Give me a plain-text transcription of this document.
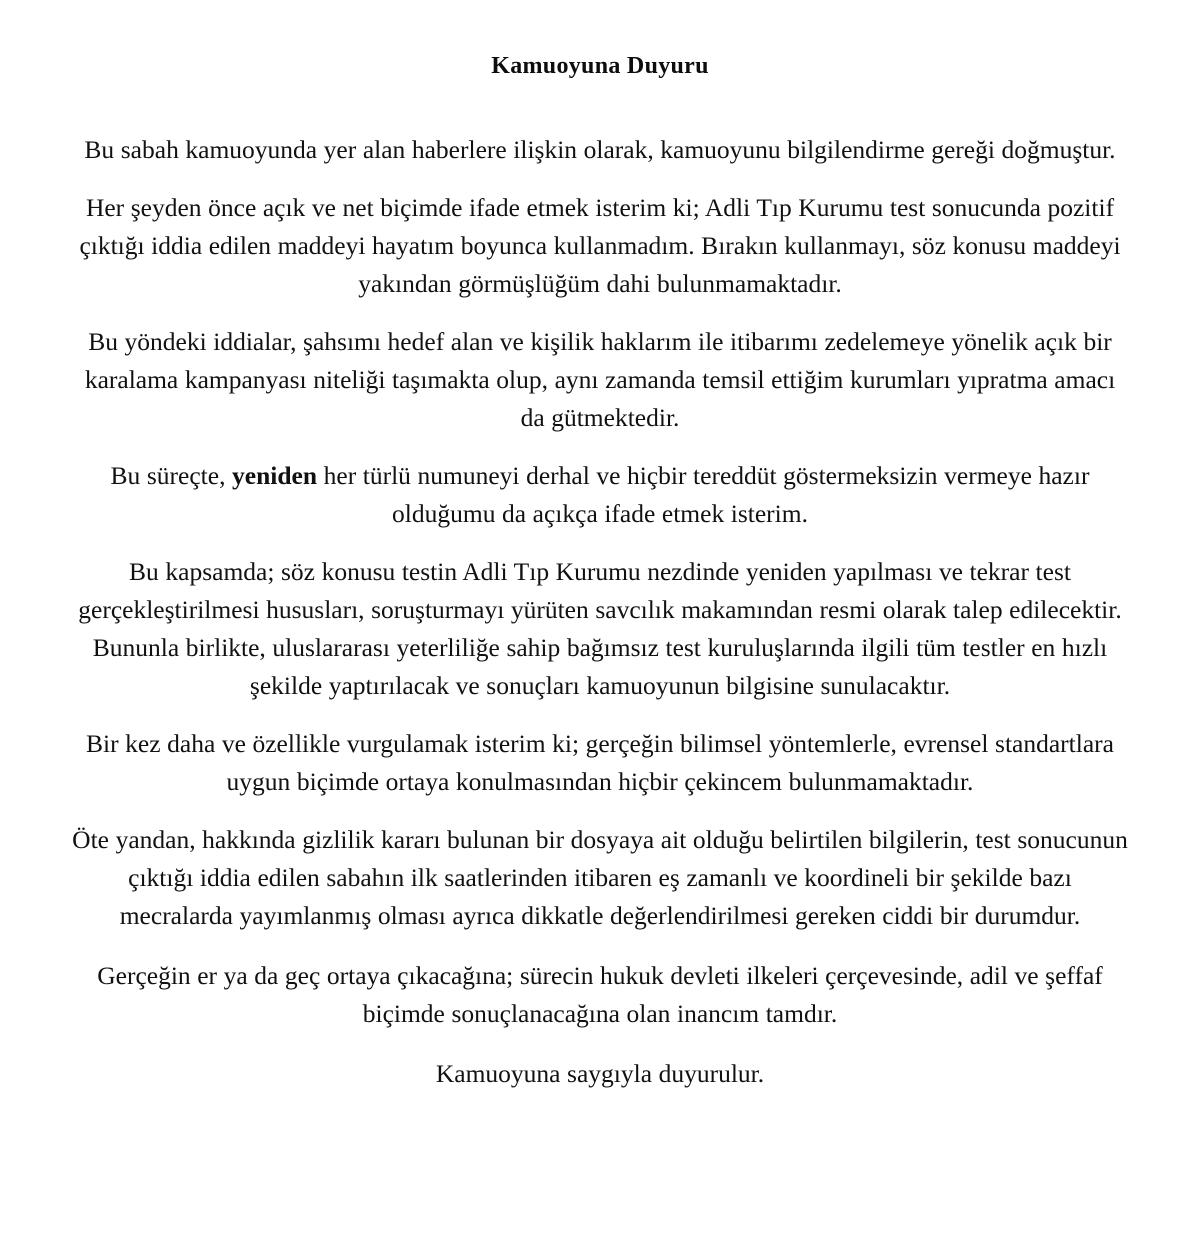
Kamuoyuna Duyuru

Bu sabah kamuoyunda yer alan haberlere ilişkin olarak, kamuoyunu bilgilendirme gereği doğmuştur.

Her şeyden önce açık ve net biçimde ifade etmek isterim ki; Adli Tıp Kurumu test sonucunda pozitif çıktığı iddia edilen maddeyi hayatım boyunca kullanmadım. Bırakın kullanmayı, söz konusu maddeyi yakından görmüşlüğüm dahi bulunmamaktadır.

Bu yöndeki iddialar, şahsımı hedef alan ve kişilik haklarım ile itibarımı zedelemeye yönelik açık bir karalama kampanyası niteliği taşımakta olup, aynı zamanda temsil ettiğim kurumları yıpratma amacı da gütmektedir.

Bu süreçte, yeniden her türlü numuneyi derhal ve hiçbir tereddüt göstermeksizin vermeye hazır olduğumu da açıkça ifade etmek isterim.

Bu kapsamda; söz konusu testin Adli Tıp Kurumu nezdinde yeniden yapılması ve tekrar test gerçekleştirilmesi hususları, soruşturmayı yürüten savcılık makamından resmi olarak talep edilecektir.

Bununla birlikte, uluslararası yeterliliğe sahip bağımsız test kuruluşlarında ilgili tüm testler en hızlı şekilde yaptırılacak ve sonuçları kamuoyunun bilgisine sunulacaktır.

Bir kez daha ve özellikle vurgulamak isterim ki; gerçeğin bilimsel yöntemlerle, evrensel standartlara uygun biçimde ortaya konulmasından hiçbir çekincem bulunmamaktadır.

Öte yandan, hakkında gizlilik kararı bulunan bir dosyaya ait olduğu belirtilen bilgilerin, test sonucunun çıktığı iddia edilen sabahın ilk saatlerinden itibaren eş zamanlı ve koordineli bir şekilde bazı mecralarda yayımlanmış olması ayrıca dikkatle değerlendirilmesi gereken ciddi bir durumdur.

Gerçeğin er ya da geç ortaya çıkacağına; sürecin hukuk devleti ilkeleri çerçevesinde, adil ve şeffaf biçimde sonuçlanacağına olan inancım tamdır.

Kamuoyuna saygıyla duyurulur.
